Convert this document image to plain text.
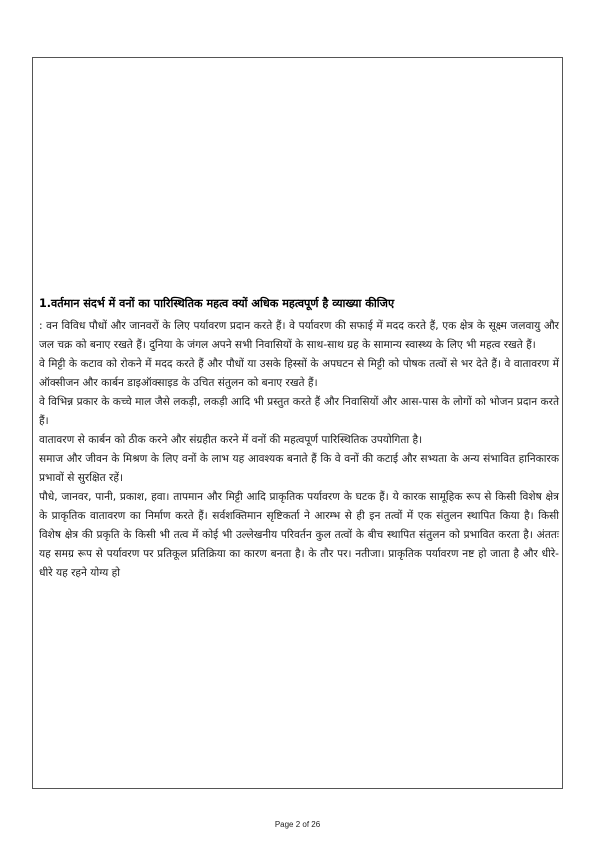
1.वर्तमान संदर्भ में वनों का पारिस्थितिक महत्व क्यों अधिक महत्वपूर्ण है व्याख्या कीजिए

: वन विविध पौधों और जानवरों के लिए पर्यावरण प्रदान करते हैं। वे पर्यावरण की सफाई में मदद करते हैं, एक क्षेत्र के सूक्ष्म जलवायु और जल चक्र को बनाए रखते हैं। दुनिया के जंगल अपने सभी निवासियों के साथ-साथ ग्रह के सामान्य स्वास्थ्य के लिए भी महत्व रखते हैं।

वे मिट्टी के कटाव को रोकने में मदद करते हैं और पौधों या उसके हिस्सों के अपघटन से मिट्टी को पोषक तत्वों से भर देते हैं। वे वातावरण में ऑक्सीजन और कार्बन डाइऑक्साइड के उचित संतुलन को बनाए रखते हैं।

वे विभिन्न प्रकार के कच्चे माल जैसे लकड़ी, लकड़ी आदि भी प्रस्तुत करते हैं और निवासियों और आस-पास के लोगों को भोजन प्रदान करते हैं।

वातावरण से कार्बन को ठीक करने और संग्रहीत करने में वनों की महत्वपूर्ण पारिस्थितिक उपयोगिता है।

समाज और जीवन के मिश्रण के लिए वनों के लाभ यह आवश्यक बनाते हैं कि वे वनों की कटाई और सभ्यता के अन्य संभावित हानिकारक प्रभावों से सुरक्षित रहें।

पौधे, जानवर, पानी, प्रकाश, हवा। तापमान और मिट्टी आदि प्राकृतिक पर्यावरण के घटक हैं। ये कारक सामूहिक रूप से किसी विशेष क्षेत्र के प्राकृतिक वातावरण का निर्माण करते हैं। सर्वशक्तिमान सृष्टिकर्ता ने आरम्भ से ही इन तत्वों में एक संतुलन स्थापित किया है। किसी विशेष क्षेत्र की प्रकृति के किसी भी तत्व में कोई भी उल्लेखनीय परिवर्तन कुल तत्वों के बीच स्थापित संतुलन को प्रभावित करता है। अंततः यह समग्र रूप से पर्यावरण पर प्रतिकूल प्रतिक्रिया का कारण बनता है। के तौर पर। नतीजा। प्राकृतिक पर्यावरण नष्ट हो जाता है और धीरे-धीरे यह रहने योग्य हो

Page 2 of 26
